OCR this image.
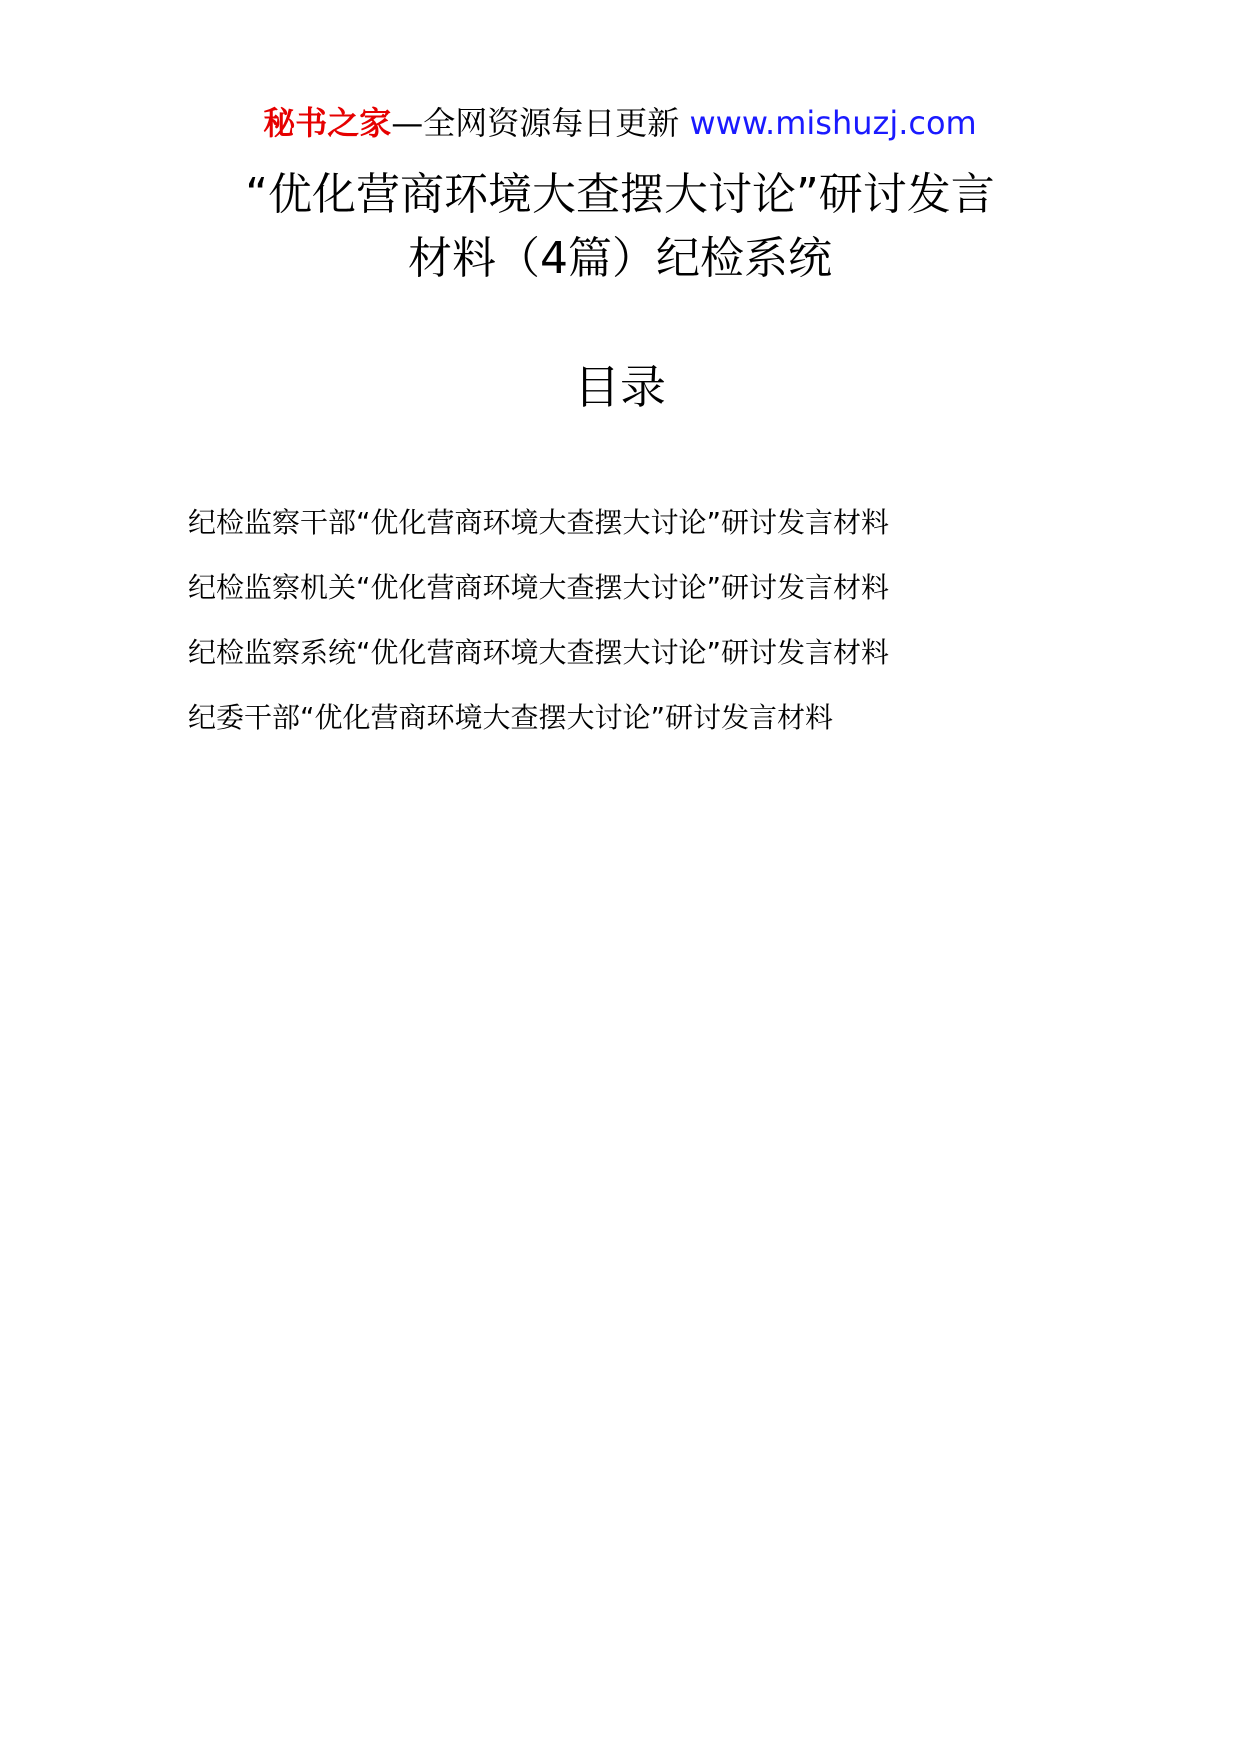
秘书之家—全网资源每日更新 www.mishuzj.com
“优化营商环境大查摆大讨论”研讨发言
材料（4篇）纪检系统
目录
纪检监察干部“优化营商环境大查摆大讨论”研讨发言材料
纪检监察机关“优化营商环境大查摆大讨论”研讨发言材料
纪检监察系统“优化营商环境大查摆大讨论”研讨发言材料
纪委干部“优化营商环境大查摆大讨论”研讨发言材料
